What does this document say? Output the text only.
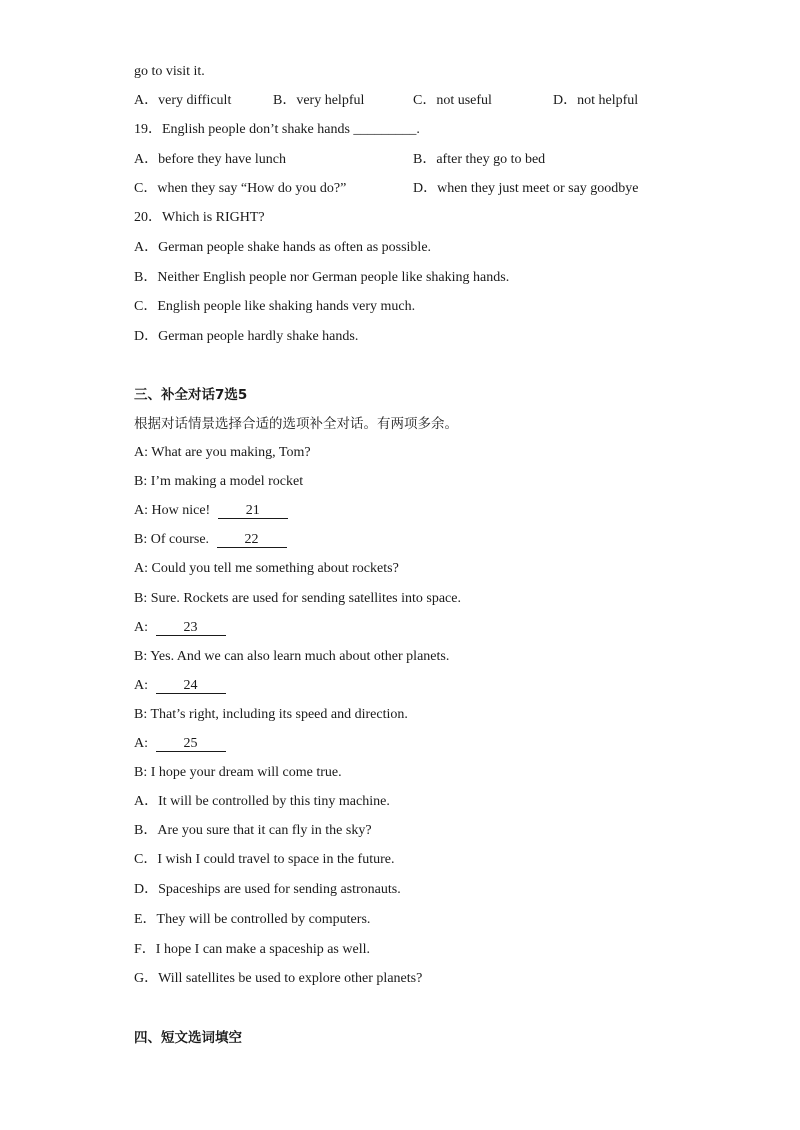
go to visit it.
A．very difficult	B．very helpful	C．not useful	D．not helpful
19．English people don’t shake hands _________.
A．before they have lunch	B．after they go to bed
C．when they say “How do you do?”	D．when they just meet or say goodbye
20．Which is RIGHT?
A．German people shake hands as often as possible.
B．Neither English people nor German people like shaking hands.
C．English people like shaking hands very much.
D．German people hardly shake hands.
三、补全对话7选5
根据对话情景选择合适的选项补全对话。有两项多余。
A: What are you making, Tom?
B: I’m making a model rocket
A: How nice!	21
B: Of course.	22
A: Could you tell me something about rockets?
B: Sure. Rockets are used for sending satellites into space.
A:	23
B: Yes. And we can also learn much about other planets.
A:	24
B: That’s right, including its speed and direction.
A:	25
B: I hope your dream will come true.
A．It will be controlled by this tiny machine.
B．Are you sure that it can fly in the sky?
C．I wish I could travel to space in the future.
D．Spaceships are used for sending astronauts.
E．They will be controlled by computers.
F．I hope I can make a spaceship as well.
G．Will satellites be used to explore other planets?
四、短文选词填空
